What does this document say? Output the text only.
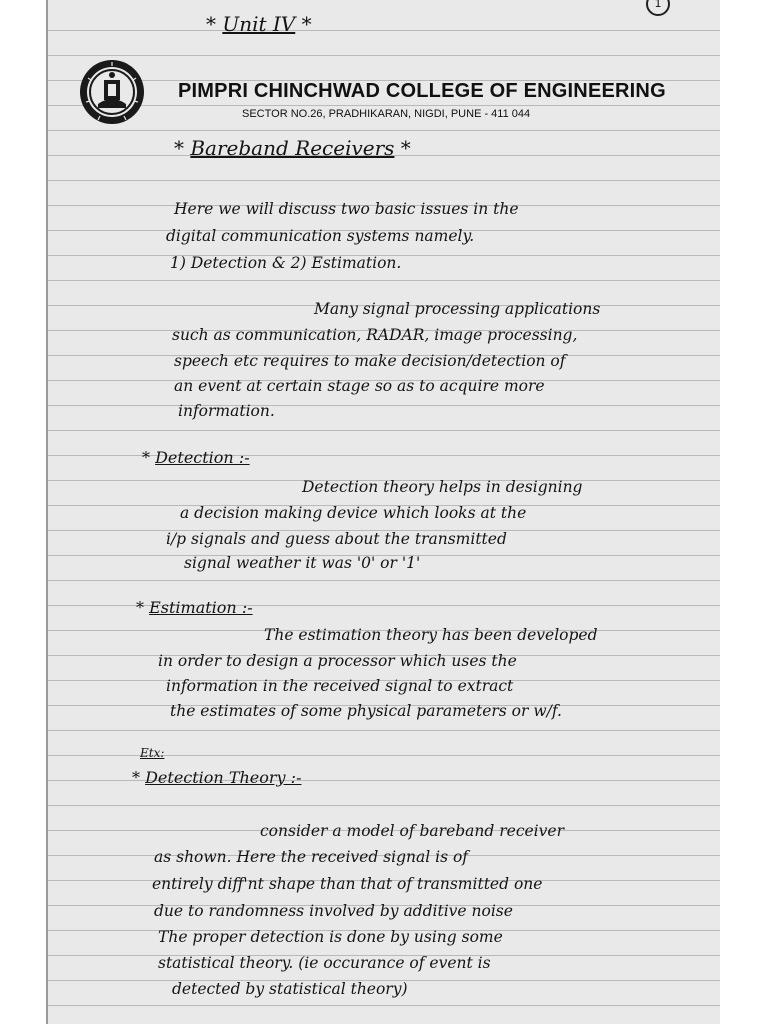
1
* Unit IV *
PIMPRI CHINCHWAD COLLEGE OF ENGINEERING
SECTOR NO.26, PRADHIKARAN, NIGDI, PUNE - 411 044
* Bareband Receivers *
Here we will discuss two basic issues in the
digital communication systems namely.
1) Detection & 2) Estimation.
Many signal processing applications
such as communication, RADAR, image processing,
speech etc requires to make decision/detection of
an event at certain stage so as to acquire more
information.
* Detection :-
Detection theory helps in designing
a decision making device which looks at the
i/p signals and guess about the transmitted
signal weather it was '0' or '1'
* Estimation :-
The estimation theory has been developed
in order to design a processor which uses the
information in the received signal to extract
the estimates of some physical parameters or w/f.
Etx:
* Detection Theory :-
consider a model of bareband receiver
as shown. Here the received signal is of
entirely diff'nt shape than that of transmitted one
due to randomness involved by additive noise
The proper detection is done by using some
statistical theory. (ie occurance of event is
detected by statistical theory)
